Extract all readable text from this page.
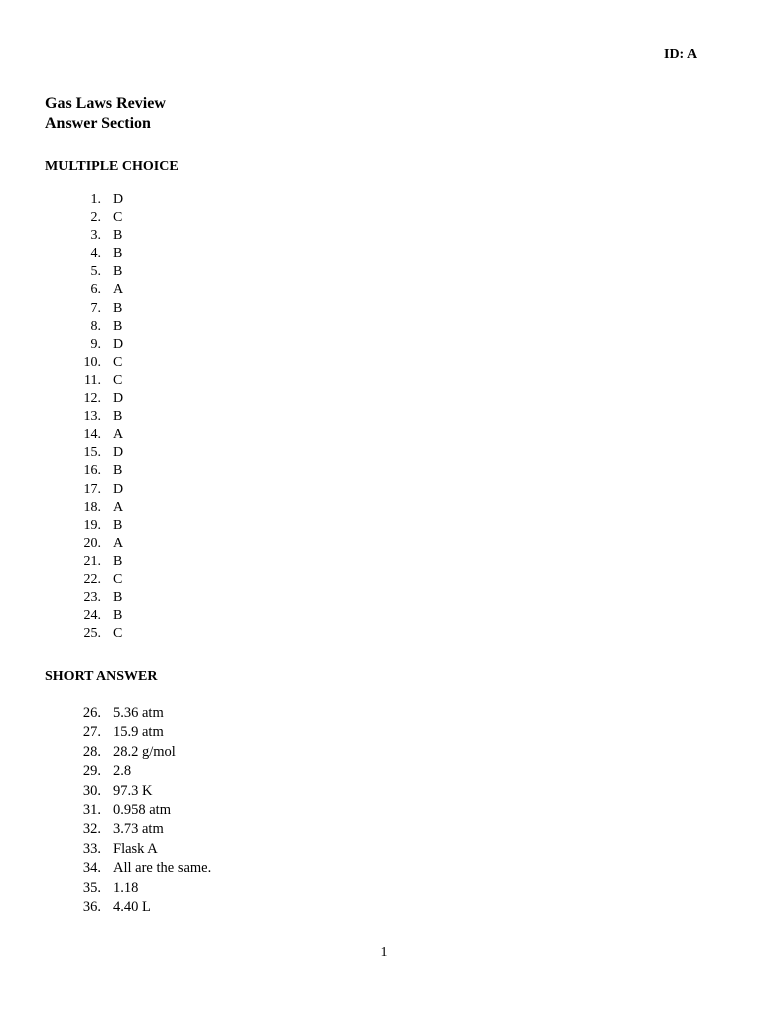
ID: A
Gas Laws Review
Answer Section
MULTIPLE CHOICE
1. D
2. C
3. B
4. B
5. B
6. A
7. B
8. B
9. D
10. C
11. C
12. D
13. B
14. A
15. D
16. B
17. D
18. A
19. B
20. A
21. B
22. C
23. B
24. B
25. C
SHORT ANSWER
26. 5.36 atm
27. 15.9 atm
28. 28.2 g/mol
29. 2.8
30. 97.3 K
31. 0.958 atm
32. 3.73 atm
33. Flask A
34. All are the same.
35. 1.18
36. 4.40 L
1
